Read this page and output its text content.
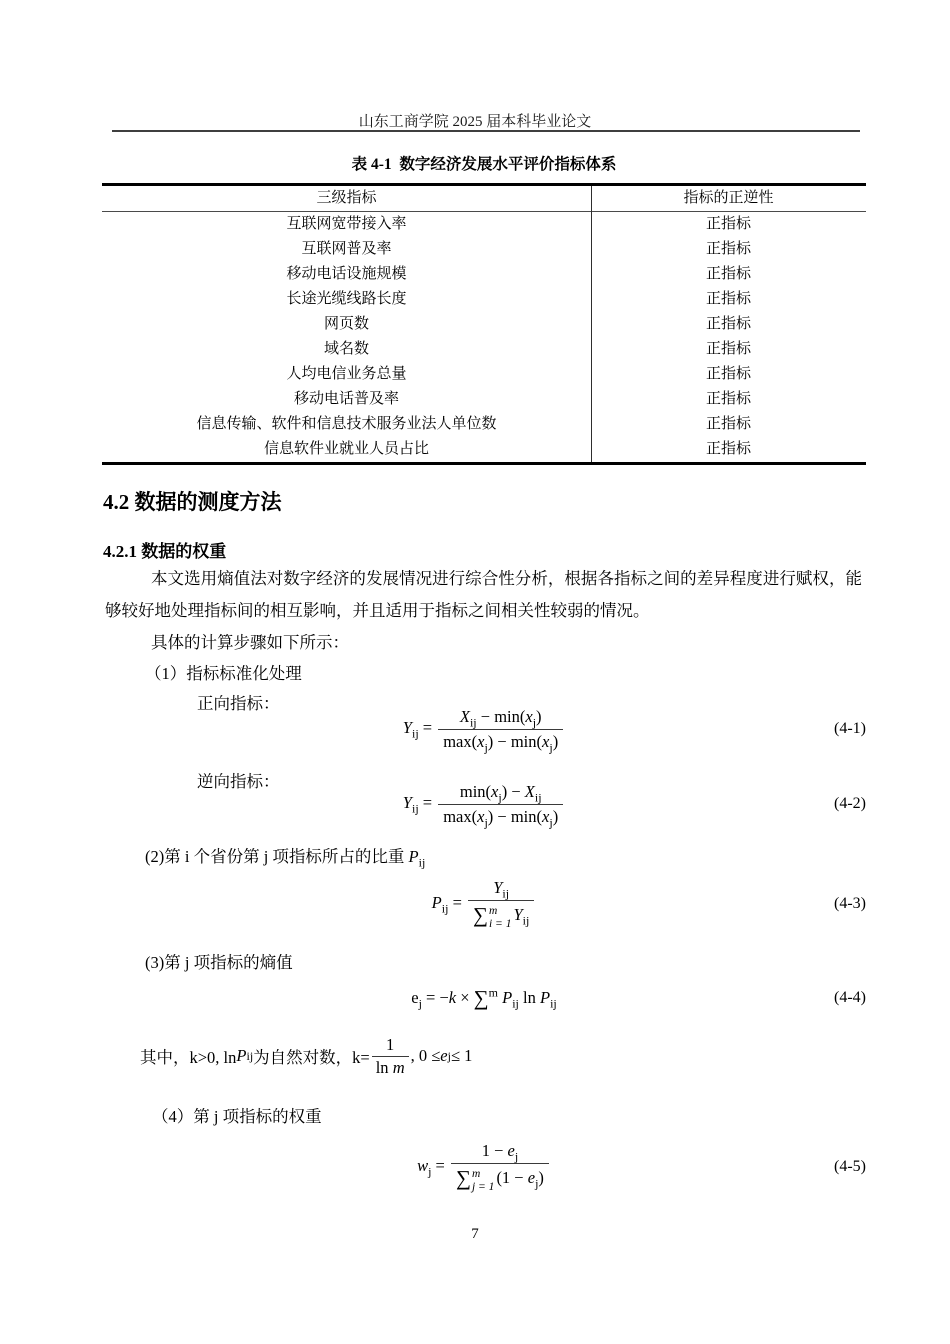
山东工商学院 2025 届本科毕业论文
表 4-1  数字经济发展水平评价指标体系
三级指标	指标的正逆性
互联网宽带接入率	正指标
互联网普及率	正指标
移动电话设施规模	正指标
长途光缆线路长度	正指标
网页数	正指标
域名数	正指标
人均电信业务总量	正指标
移动电话普及率	正指标
信息传输、软件和信息技术服务业法人单位数	正指标
信息软件业就业人员占比	正指标
4.2 数据的测度方法
4.2.1 数据的权重
本文选用熵值法对数字经济的发展情况进行综合性分析，根据各指标之间的差异程度进行赋权，能够较好地处理指标间的相互影响，并且适用于指标之间相关性较弱的情况。
具体的计算步骤如下所示：
（1）指标标准化处理
正向指标：
$Y_{ij} = \frac{X_{ij} - \min(x_j)}{\max(x_j) - \min(x_j)}$	(4-1)
逆向指标：
$Y_{ij} = \frac{\min(x_j) - X_{ij}}{\max(x_j) - \min(x_j)}$	(4-2)
(2)第 i 个省份第 j 项指标所占的比重 $P_{ij}$
$P_{ij} = Y_{ij}$
∑ m
i = 1 $Y_{ij}$	(4-3)
(3)第 j 项指标的熵值
$e_j = -k \times \sum^m$ $P_{ij}$ $\ln P_{ij}$	(4-4)
其中，k>0, ln P ij 为自然对数，$k= \frac{1}{\text{ln m}}$ , 0 ≤ e j ≤ 1
（4）第 j 项指标的权重
$w_j = 1 - e_j$
∑ m
j = 1 $(1 - e_j)$	(4-5)
7
